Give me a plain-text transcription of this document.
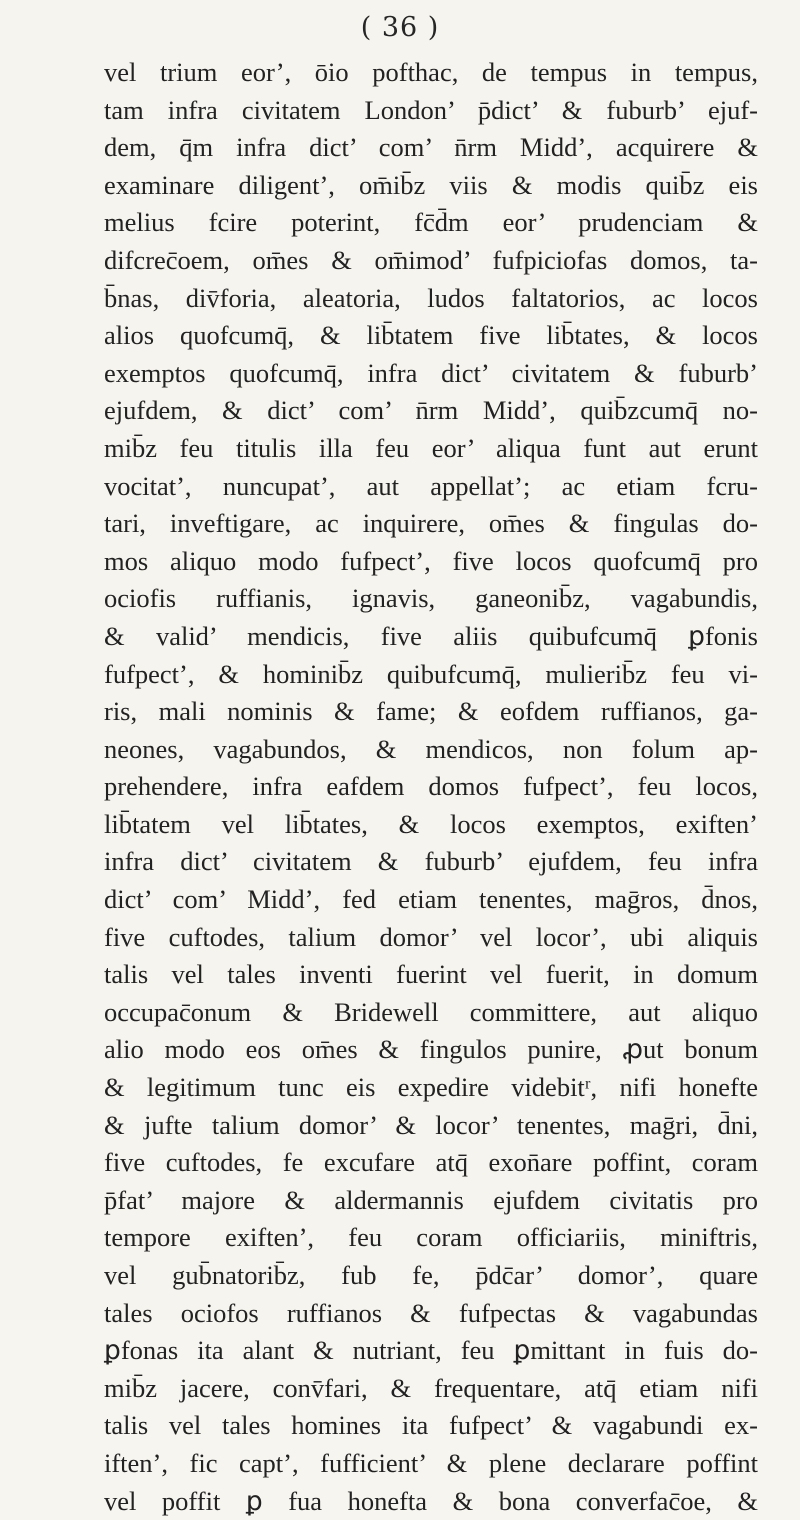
( 36 )
vel trium eor’, ōio pofthac, de tempus in tempus,
tam infra civitatem London’ p̄dict’ & fuburb’ ejuf-
dem, q̄m infra dict’ com’ n̄rm Midd’, acquirere &
examinare diligent’, om̄ib̄z viis & modis quib̄z eis
melius fcire poterint, fc̄d̄m eor’ prudenciam &
difcrec̄oem, om̄es & om̄imod’ fufpiciofas domos, ta-
b̄nas, div̄foria, aleatoria, ludos faltatorios, ac locos
alios quofcumq̄, & lib̄tatem five lib̄tates, & locos
exemptos quofcumq̄, infra dict’ civitatem & fuburb’
ejufdem, & dict’ com’ n̄rm Midd’, quib̄zcumq̄ no-
mib̄z feu titulis illa feu eor’ aliqua funt aut erunt
vocitat’, nuncupat’, aut appellat’; ac etiam fcru-
tari, inveftigare, ac inquirere, om̄es & fingulas do-
mos aliquo modo fufpect’, five locos quofcumq̄ pro
ociofis ruffianis, ignavis, ganeonib̄z, vagabundis,
& valid’ mendicis, five aliis quibufcumq̄ ꝑfonis
fufpect’, & hominib̄z quibufcumq̄, mulierib̄z feu vi-
ris, mali nominis & fame; & eofdem ruffianos, ga-
neones, vagabundos, & mendicos, non folum ap-
prehendere, infra eafdem domos fufpect’, feu locos,
lib̄tatem vel lib̄tates, & locos exemptos, exiften’
infra dict’ civitatem & fuburb’ ejufdem, feu infra
dict’ com’ Midd’, fed etiam tenentes, maḡros, d̄nos,
five cuftodes, talium domor’ vel locor’, ubi aliquis
talis vel tales inventi fuerint vel fuerit, in domum
occupac̄onum & Bridewell committere, aut aliquo
alio modo eos om̄es & fingulos punire, ꝓut bonum
& legitimum tunc eis expedire videbitʳ, nifi honefte
& jufte talium domor’ & locor’ tenentes, maḡri, d̄ni,
five cuftodes, fe excufare atq̄ exon̄are poffint, coram
p̄fat’ majore & aldermannis ejufdem civitatis pro
tempore exiften’, feu coram officiariis, miniftris,
vel gub̄natorib̄z, fub fe, p̄dc̄ar’ domor’, quare
tales ociofos ruffianos & fufpectas & vagabundas
ꝑfonas ita alant & nutriant, feu ꝑmittant in fuis do-
mib̄z jacere, conv̄fari, & frequentare, atq̄ etiam nifi
talis vel tales homines ita fufpect’ & vagabundi ex-
iften’, fic capt’, fufficient’ & plene declarare poffint
vel poffit ꝑ fua honefta & bona converfac̄oe, &
